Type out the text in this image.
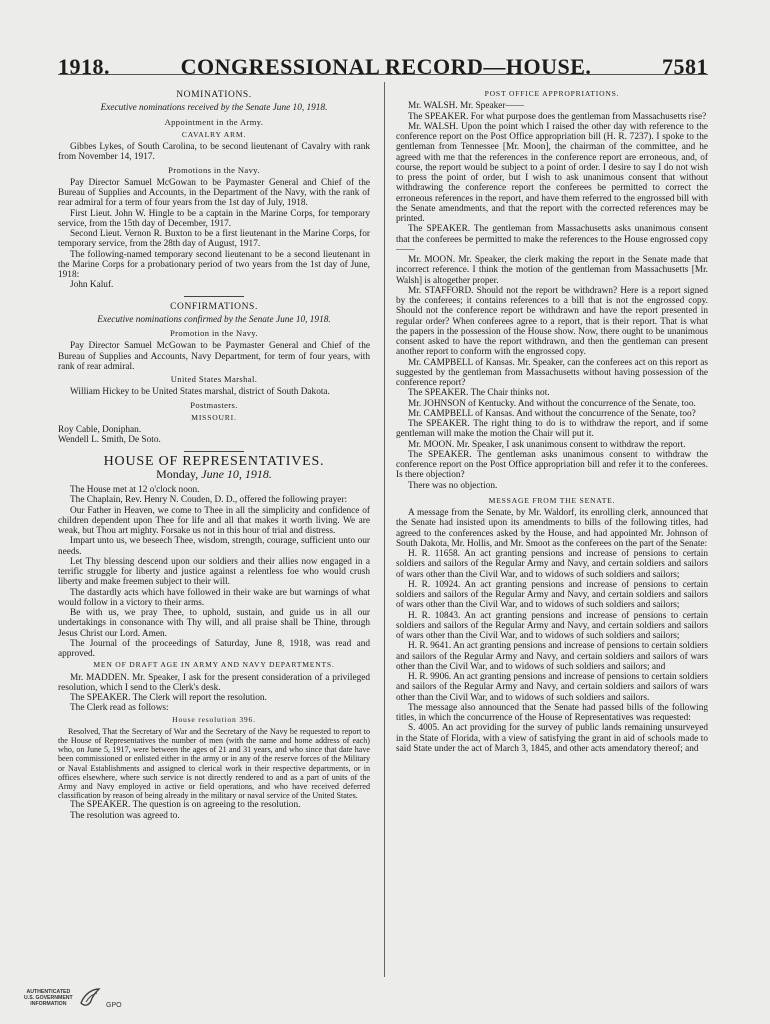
1918.	CONGRESSIONAL RECORD—HOUSE.	7581
NOMINATIONS.
Executive nominations received by the Senate June 10, 1918.
Appointment in the Army.
CAVALRY ARM.

Gibbes Lykes, of South Carolina, to be second lieutenant of Cavalry with rank from November 14, 1917.

Promotions in the Navy.

Pay Director Samuel McGowan to be Paymaster General and Chief of the Bureau of Supplies and Accounts, in the Department of the Navy, with the rank of rear admiral for a term of four years from the 1st day of July, 1918.

First Lieut. John W. Hingle to be a captain in the Marine Corps, for temporary service, from the 15th day of December, 1917.

Second Lieut. Vernon R. Buxton to be a first lieutenant in the Marine Corps, for temporary service, from the 28th day of August, 1917.

The following-named temporary second lieutenant to be a second lieutenant in the Marine Corps for a probationary period of two years from the 1st day of June, 1918:

John Kaluf.

CONFIRMATIONS.
Executive nominations confirmed by the Senate June 10, 1918.
Promotion in the Navy.

Pay Director Samuel McGowan to be Paymaster General and Chief of the Bureau of Supplies and Accounts, Navy Department, for term of four years, with rank of rear admiral.

United States Marshal.

William Hickey to be United States marshal, district of South Dakota.

Postmasters.
MISSOURI.

Roy Cable, Doniphan.

Wendell L. Smith, De Soto.

HOUSE OF REPRESENTATIVES.
Monday, June 10, 1918.

The House met at 12 o'clock noon.

The Chaplain, Rev. Henry N. Couden, D. D., offered the following prayer:

Our Father in Heaven, we come to Thee in all the simplicity and confidence of children dependent upon Thee for life and all that makes it worth living. We are weak, but Thou art mighty. Forsake us not in this hour of trial and distress.

Impart unto us, we beseech Thee, wisdom, strength, courage, sufficient unto our needs.

Let Thy blessing descend upon our soldiers and their allies now engaged in a terrific struggle for liberty and justice against a relentless foe who would crush liberty and make freemen subject to their will.

The dastardly acts which have followed in their wake are but warnings of what would follow in a victory to their arms.

Be with us, we pray Thee, to uphold, sustain, and guide us in all our undertakings in consonance with Thy will, and all praise shall be Thine, through Jesus Christ our Lord. Amen.

The Journal of the proceedings of Saturday, June 8, 1918, was read and approved.

MEN OF DRAFT AGE IN ARMY AND NAVY DEPARTMENTS.

Mr. MADDEN. Mr. Speaker, I ask for the present consideration of a privileged resolution, which I send to the Clerk's desk.

The SPEAKER. The Clerk will report the resolution.

The Clerk read as follows:

House resolution 396.

Resolved, That the Secretary of War and the Secretary of the Navy be requested to report to the House of Representatives the number of men (with the name and home address of each) who, on June 5, 1917, were between the ages of 21 and 31 years, and who since that date have been commissioned or enlisted either in the army or in any of the reserve forces of the Military or Naval Establishments and assigned to clerical work in their respective departments, or in offices elsewhere, where such service is not directly rendered to and as a part of units of the Army and Navy employed in active or field operations, and who have received deferred classification by reason of being already in the military or naval service of the United States.

The SPEAKER. The question is on agreeing to the resolution.

The resolution was agreed to.

POST OFFICE APPROPRIATIONS.

Mr. WALSH. Mr. Speaker——

The SPEAKER. For what purpose does the gentleman from Massachusetts rise?

Mr. WALSH. Upon the point which I raised the other day with reference to the conference report on the Post Office appropriation bill (H. R. 7237). I spoke to the gentleman from Tennessee [Mr. Moon], the chairman of the committee, and he agreed with me that the references in the conference report are erroneous, and, of course, the report would be subject to a point of order. I desire to say I do not wish to press the point of order, but I wish to ask unanimous consent that without withdrawing the conference report the conferees be permitted to correct the erroneous references in the report, and have them referred to the engrossed bill with the Senate amendments, and that the report with the corrected references may be printed.

The SPEAKER. The gentleman from Massachusetts asks unanimous consent that the conferees be permitted to make the references to the House engrossed copy——

Mr. MOON. Mr. Speaker, the clerk making the report in the Senate made that incorrect reference. I think the motion of the gentleman from Massachusetts [Mr. Walsh] is altogether proper.

Mr. STAFFORD. Should not the report be withdrawn? Here is a report signed by the conferees; it contains references to a bill that is not the engrossed copy. Should not the conference report be withdrawn and have the report presented in regular order? When conferees agree to a report, that is their report. That is what the papers in the possession of the House show. Now, there ought to be unanimous consent asked to have the report withdrawn, and then the gentleman can present another report to conform with the engrossed copy.

Mr. CAMPBELL of Kansas. Mr. Speaker, can the conferees act on this report as suggested by the gentleman from Massachusetts without having possession of the conference report?

The SPEAKER. The Chair thinks not.

Mr. JOHNSON of Kentucky. And without the concurrence of the Senate, too.

Mr. CAMPBELL of Kansas. And without the concurrence of the Senate, too?

The SPEAKER. The right thing to do is to withdraw the report, and if some gentleman will make the motion the Chair will put it.

Mr. MOON. Mr. Speaker, I ask unanimous consent to withdraw the report.

The SPEAKER. The gentleman asks unanimous consent to withdraw the conference report on the Post Office appropriation bill and refer it to the conferees. Is there objection?

There was no objection.

MESSAGE FROM THE SENATE.

A message from the Senate, by Mr. Waldorf, its enrolling clerk, announced that the Senate had insisted upon its amendments to bills of the following titles, had agreed to the conferences asked by the House, and had appointed Mr. Johnson of South Dakota, Mr. Hollis, and Mr. Smoot as the conferees on the part of the Senate:

H. R. 11658. An act granting pensions and increase of pensions to certain soldiers and sailors of the Regular Army and Navy, and certain soldiers and sailors of wars other than the Civil War, and to widows of such soldiers and sailors;

H. R. 10924. An act granting pensions and increase of pensions to certain soldiers and sailors of the Regular Army and Navy, and certain soldiers and sailors of wars other than the Civil War, and to widows of such soldiers and sailors;

H. R. 10843. An act granting pensions and increase of pensions to certain soldiers and sailors of the Regular Army and Navy, and certain soldiers and sailors of wars other than the Civil War, and to widows of such soldiers and sailors;

H. R. 9641. An act granting pensions and increase of pensions to certain soldiers and sailors of the Regular Army and Navy, and certain soldiers and sailors of wars other than the Civil War, and to widows of such soldiers and sailors; and

H. R. 9906. An act granting pensions and increase of pensions to certain soldiers and sailors of the Regular Army and Navy, and certain soldiers and sailors of wars other than the Civil War, and to widows of such soldiers and sailors.

The message also announced that the Senate had passed bills of the following titles, in which the concurrence of the House of Representatives was requested:

S. 4005. An act providing for the survey of public lands remaining unsurveyed in the State of Florida, with a view of satisfying the grant in aid of schools made to said State under the act of March 3, 1845, and other acts amendatory thereof; and

AUTHENTICATED
U.S. GOVERNMENT
INFORMATION	GPO
